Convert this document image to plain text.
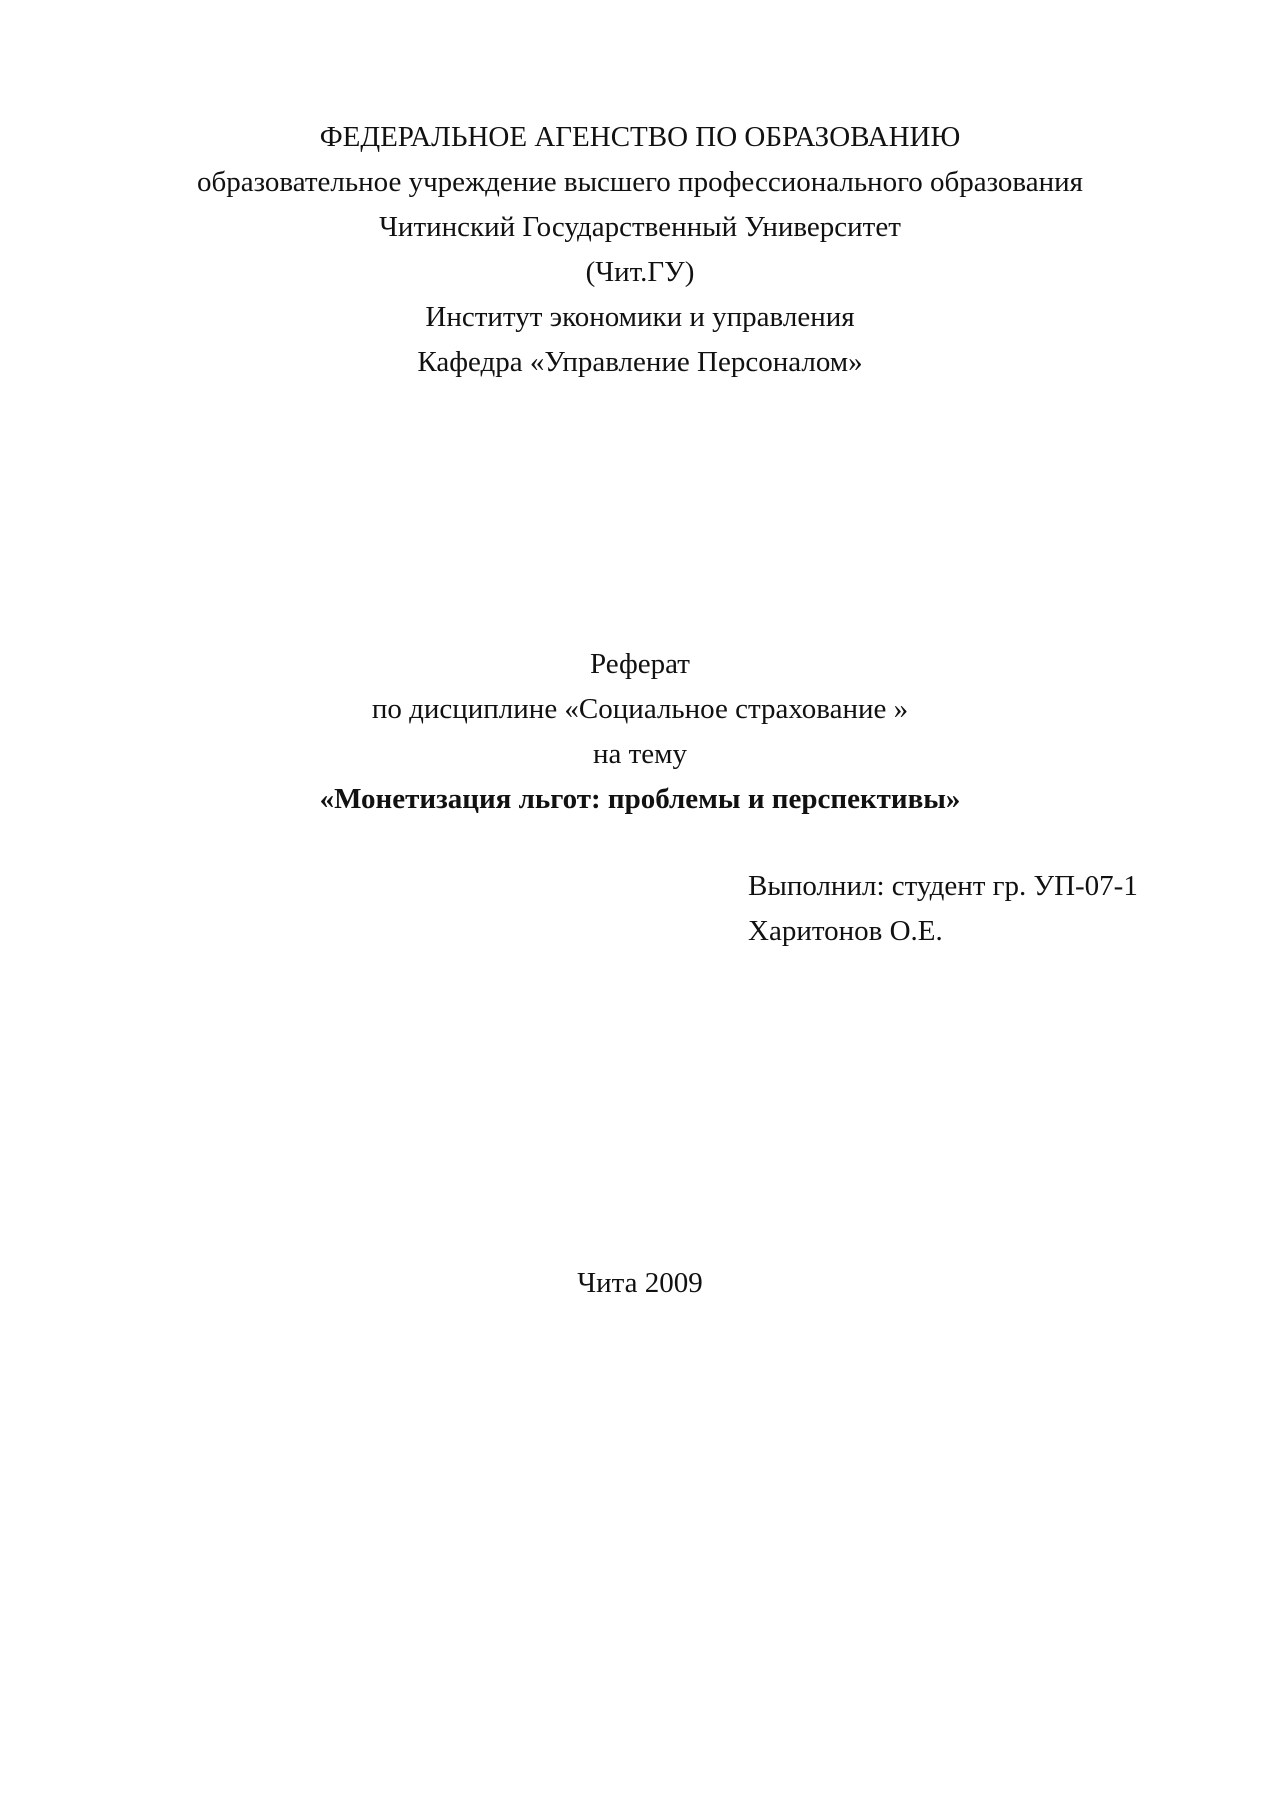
ФЕДЕРАЛЬНОЕ АГЕНСТВО ПО ОБРАЗОВАНИЮ
образовательное учреждение высшего профессионального образования
Читинский Государственный Университет
(Чит.ГУ)
Институт экономики и управления
Кафедра «Управление Персоналом»
Реферат
по дисциплине «Социальное страхование »
на тему
«Монетизация льгот: проблемы и перспективы»
Выполнил: студент гр. УП-07-1
Харитонов О.Е.
Чита 2009
